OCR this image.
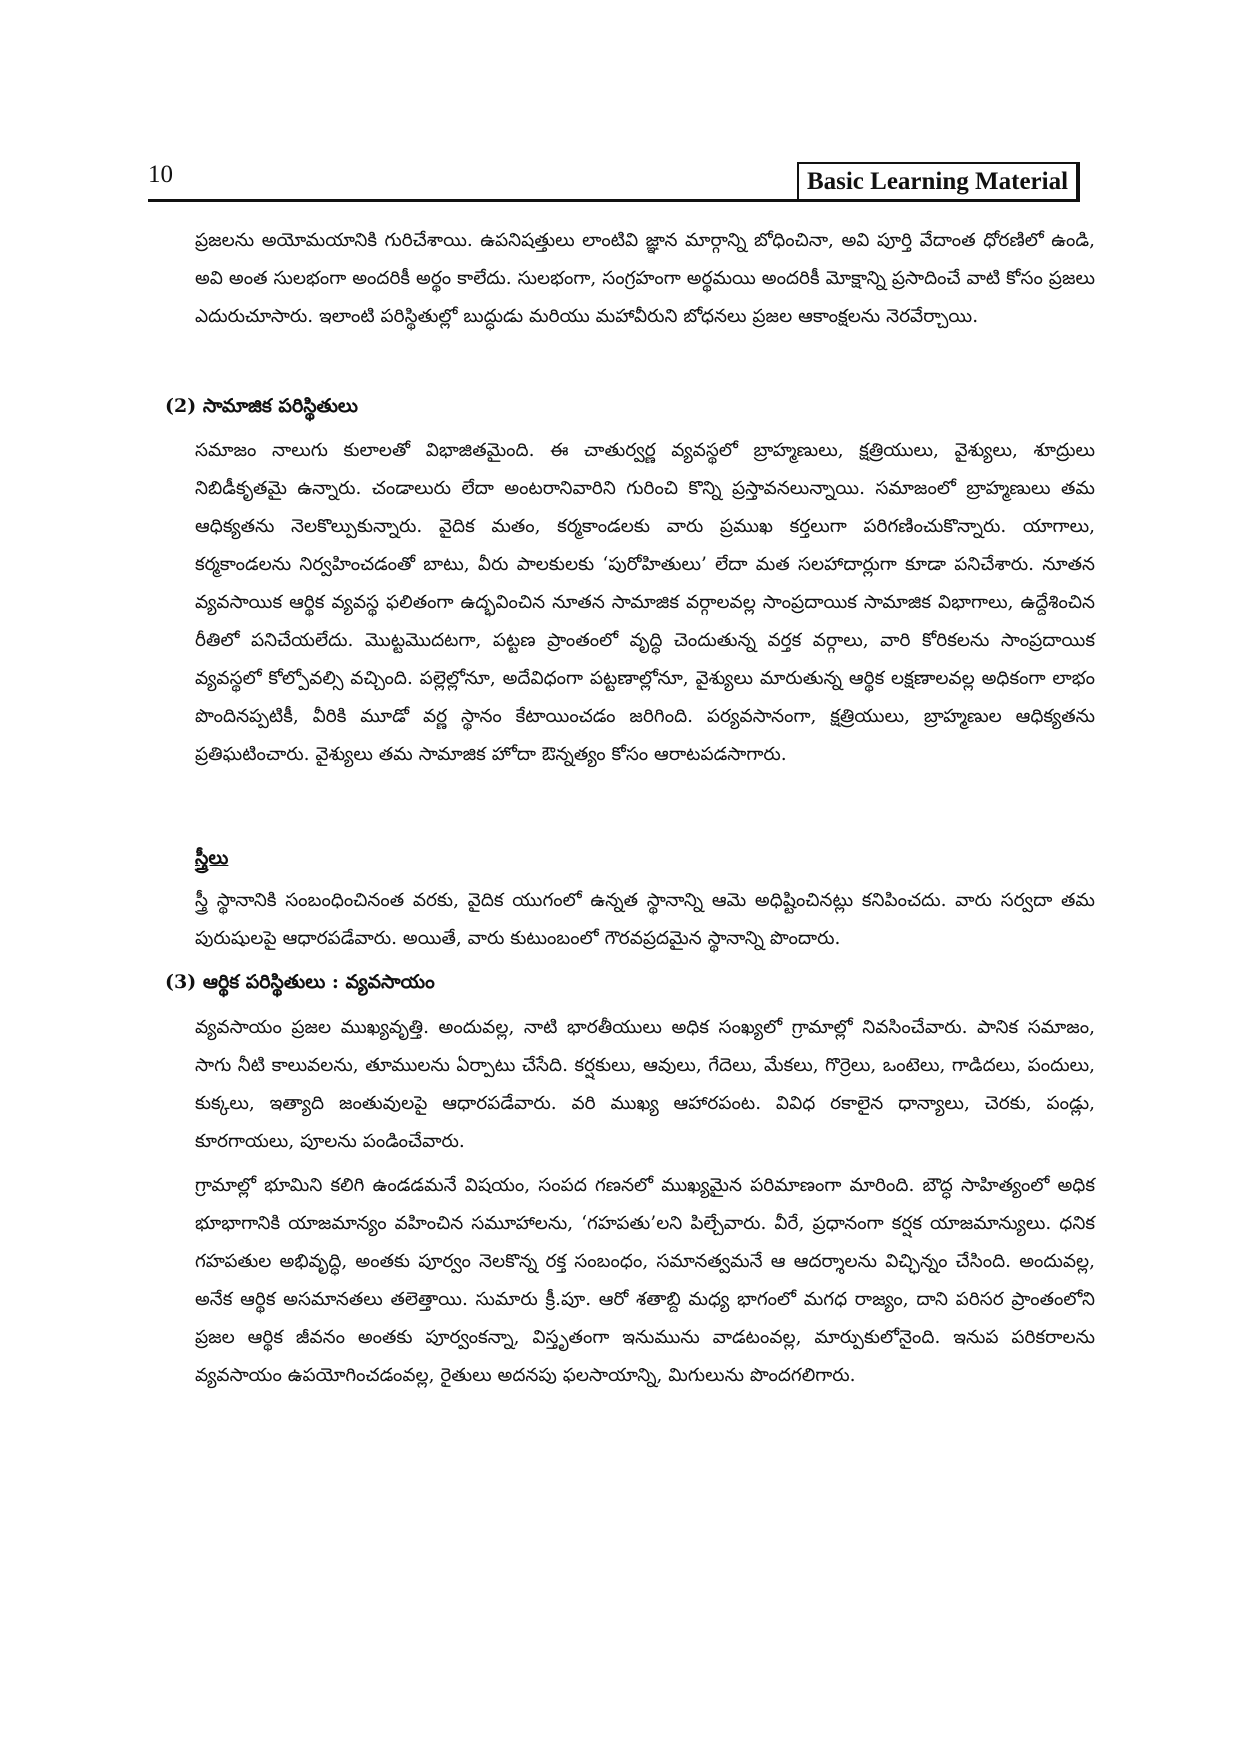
10	Basic Learning Material

ప్రజలను అయోమయానికి గురిచేశాయి. ఉపనిషత్తులు లాంటివి జ్ఞాన మార్గాన్ని బోధించినా, అవి పూర్తి వేదాంత ధోరణిలో ఉండి, అవి అంత సులభంగా అందరికీ అర్థం కాలేదు. సులభంగా, సంగ్రహంగా అర్థమయి అందరికీ మోక్షాన్ని ప్రసాదించే వాటి కోసం ప్రజలు ఎదురుచూసారు. ఇలాంటి పరిస్థితుల్లో బుద్ధుడు మరియు మహావీరుని బోధనలు ప్రజల ఆకాంక్షలను నెరవేర్చాయి.

(2) సామాజిక పరిస్థితులు

సమాజం నాలుగు కులాలతో విభాజితమైంది. ఈ చాతుర్వర్ణ వ్యవస్థలో బ్రాహ్మణులు, క్షత్రియులు, వైశ్యులు, శూద్రులు నిబిడీకృతమై ఉన్నారు. చండాలురు లేదా అంటరానివారిని గురించి కొన్ని ప్రస్తావనలున్నాయి. సమాజంలో బ్రాహ్మణులు తమ ఆధిక్యతను నెలకొల్పుకున్నారు. వైదిక మతం, కర్మకాండలకు వారు ప్రముఖ కర్తలుగా పరిగణించుకొన్నారు. యాగాలు, కర్మకాండలను నిర్వహించడంతో బాటు, వీరు పాలకులకు ‘పురోహితులు’ లేదా మత సలహాదార్లుగా కూడా పనిచేశారు. నూతన వ్యవసాయిక ఆర్థిక వ్యవస్థ ఫలితంగా ఉద్భవించిన నూతన సామాజిక వర్గాలవల్ల సాంప్రదాయిక సామాజిక విభాగాలు, ఉద్దేశించిన రీతిలో పనిచేయలేదు. మొట్టమొదటగా, పట్టణ ప్రాంతంలో వృద్ధి చెందుతున్న వర్తక వర్గాలు, వారి కోరికలను సాంప్రదాయిక వ్యవస్థలో కోల్పోవల్సి వచ్చింది. పల్లెల్లోనూ, అదేవిధంగా పట్టణాల్లోనూ, వైశ్యులు మారుతున్న ఆర్థిక లక్షణాలవల్ల అధికంగా లాభం పొందినప్పటికీ, వీరికి మూడో వర్ణ స్థానం కేటాయించడం జరిగింది. పర్యవసానంగా, క్షత్రియులు, బ్రాహ్మణుల ఆధిక్యతను ప్రతిఘటించారు. వైశ్యులు తమ సామాజిక హోదా ఔన్నత్యం కోసం ఆరాటపడసాగారు.

స్త్రీలు

స్త్రీ స్థానానికి సంబంధించినంత వరకు, వైదిక యుగంలో ఉన్నత స్థానాన్ని ఆమె అధిష్టించినట్లు కనిపించదు. వారు సర్వదా తమ పురుషులపై ఆధారపడేవారు. అయితే, వారు కుటుంబంలో గౌరవప్రదమైన స్థానాన్ని పొందారు.

(3) ఆర్థిక పరిస్థితులు : వ్యవసాయం

వ్యవసాయం ప్రజల ముఖ్యవృత్తి. అందువల్ల, నాటి భారతీయులు అధిక సంఖ్యలో గ్రామాల్లో నివసించేవారు. పానిక సమాజం, సాగు నీటి కాలువలను, తూములను ఏర్పాటు చేసేది. కర్షకులు, ఆవులు, గేదెలు, మేకలు, గొర్రెలు, ఒంటెలు, గాడిదలు, పందులు, కుక్కలు, ఇత్యాది జంతువులపై ఆధారపడేవారు. వరి ముఖ్య ఆహారపంట. వివిధ రకాలైన ధాన్యాలు, చెరకు, పండ్లు, కూరగాయలు, పూలను పండించేవారు.

గ్రామాల్లో భూమిని కలిగి ఉండడమనే విషయం, సంపద గణనలో ముఖ్యమైన పరిమాణంగా మారింది. బౌద్ధ సాహిత్యంలో అధిక భూభాగానికి యాజమాన్యం వహించిన సమూహాలను, ‘గహపతు’లని పిల్చేవారు. వీరే, ప్రధానంగా కర్షక యాజమాన్యులు. ధనిక గహపతుల అభివృద్ధి, అంతకు పూర్వం నెలకొన్న రక్త సంబంధం, సమానత్వమనే ఆ ఆదర్శాలను విచ్ఛిన్నం చేసింది. అందువల్ల, అనేక ఆర్థిక అసమానతలు తలెత్తాయి. సుమారు క్రీ.పూ. ఆరో శతాబ్ది మధ్య భాగంలో మగధ రాజ్యం, దాని పరిసర ప్రాంతంలోని ప్రజల ఆర్థిక జీవనం అంతకు పూర్వంకన్నా, విస్తృతంగా ఇనుమును వాడటంవల్ల, మార్పుకులోనైంది. ఇనుప పరికరాలను వ్యవసాయం ఉపయోగించడంవల్ల, రైతులు అదనపు ఫలసాయాన్ని, మిగులును పొందగలిగారు.
